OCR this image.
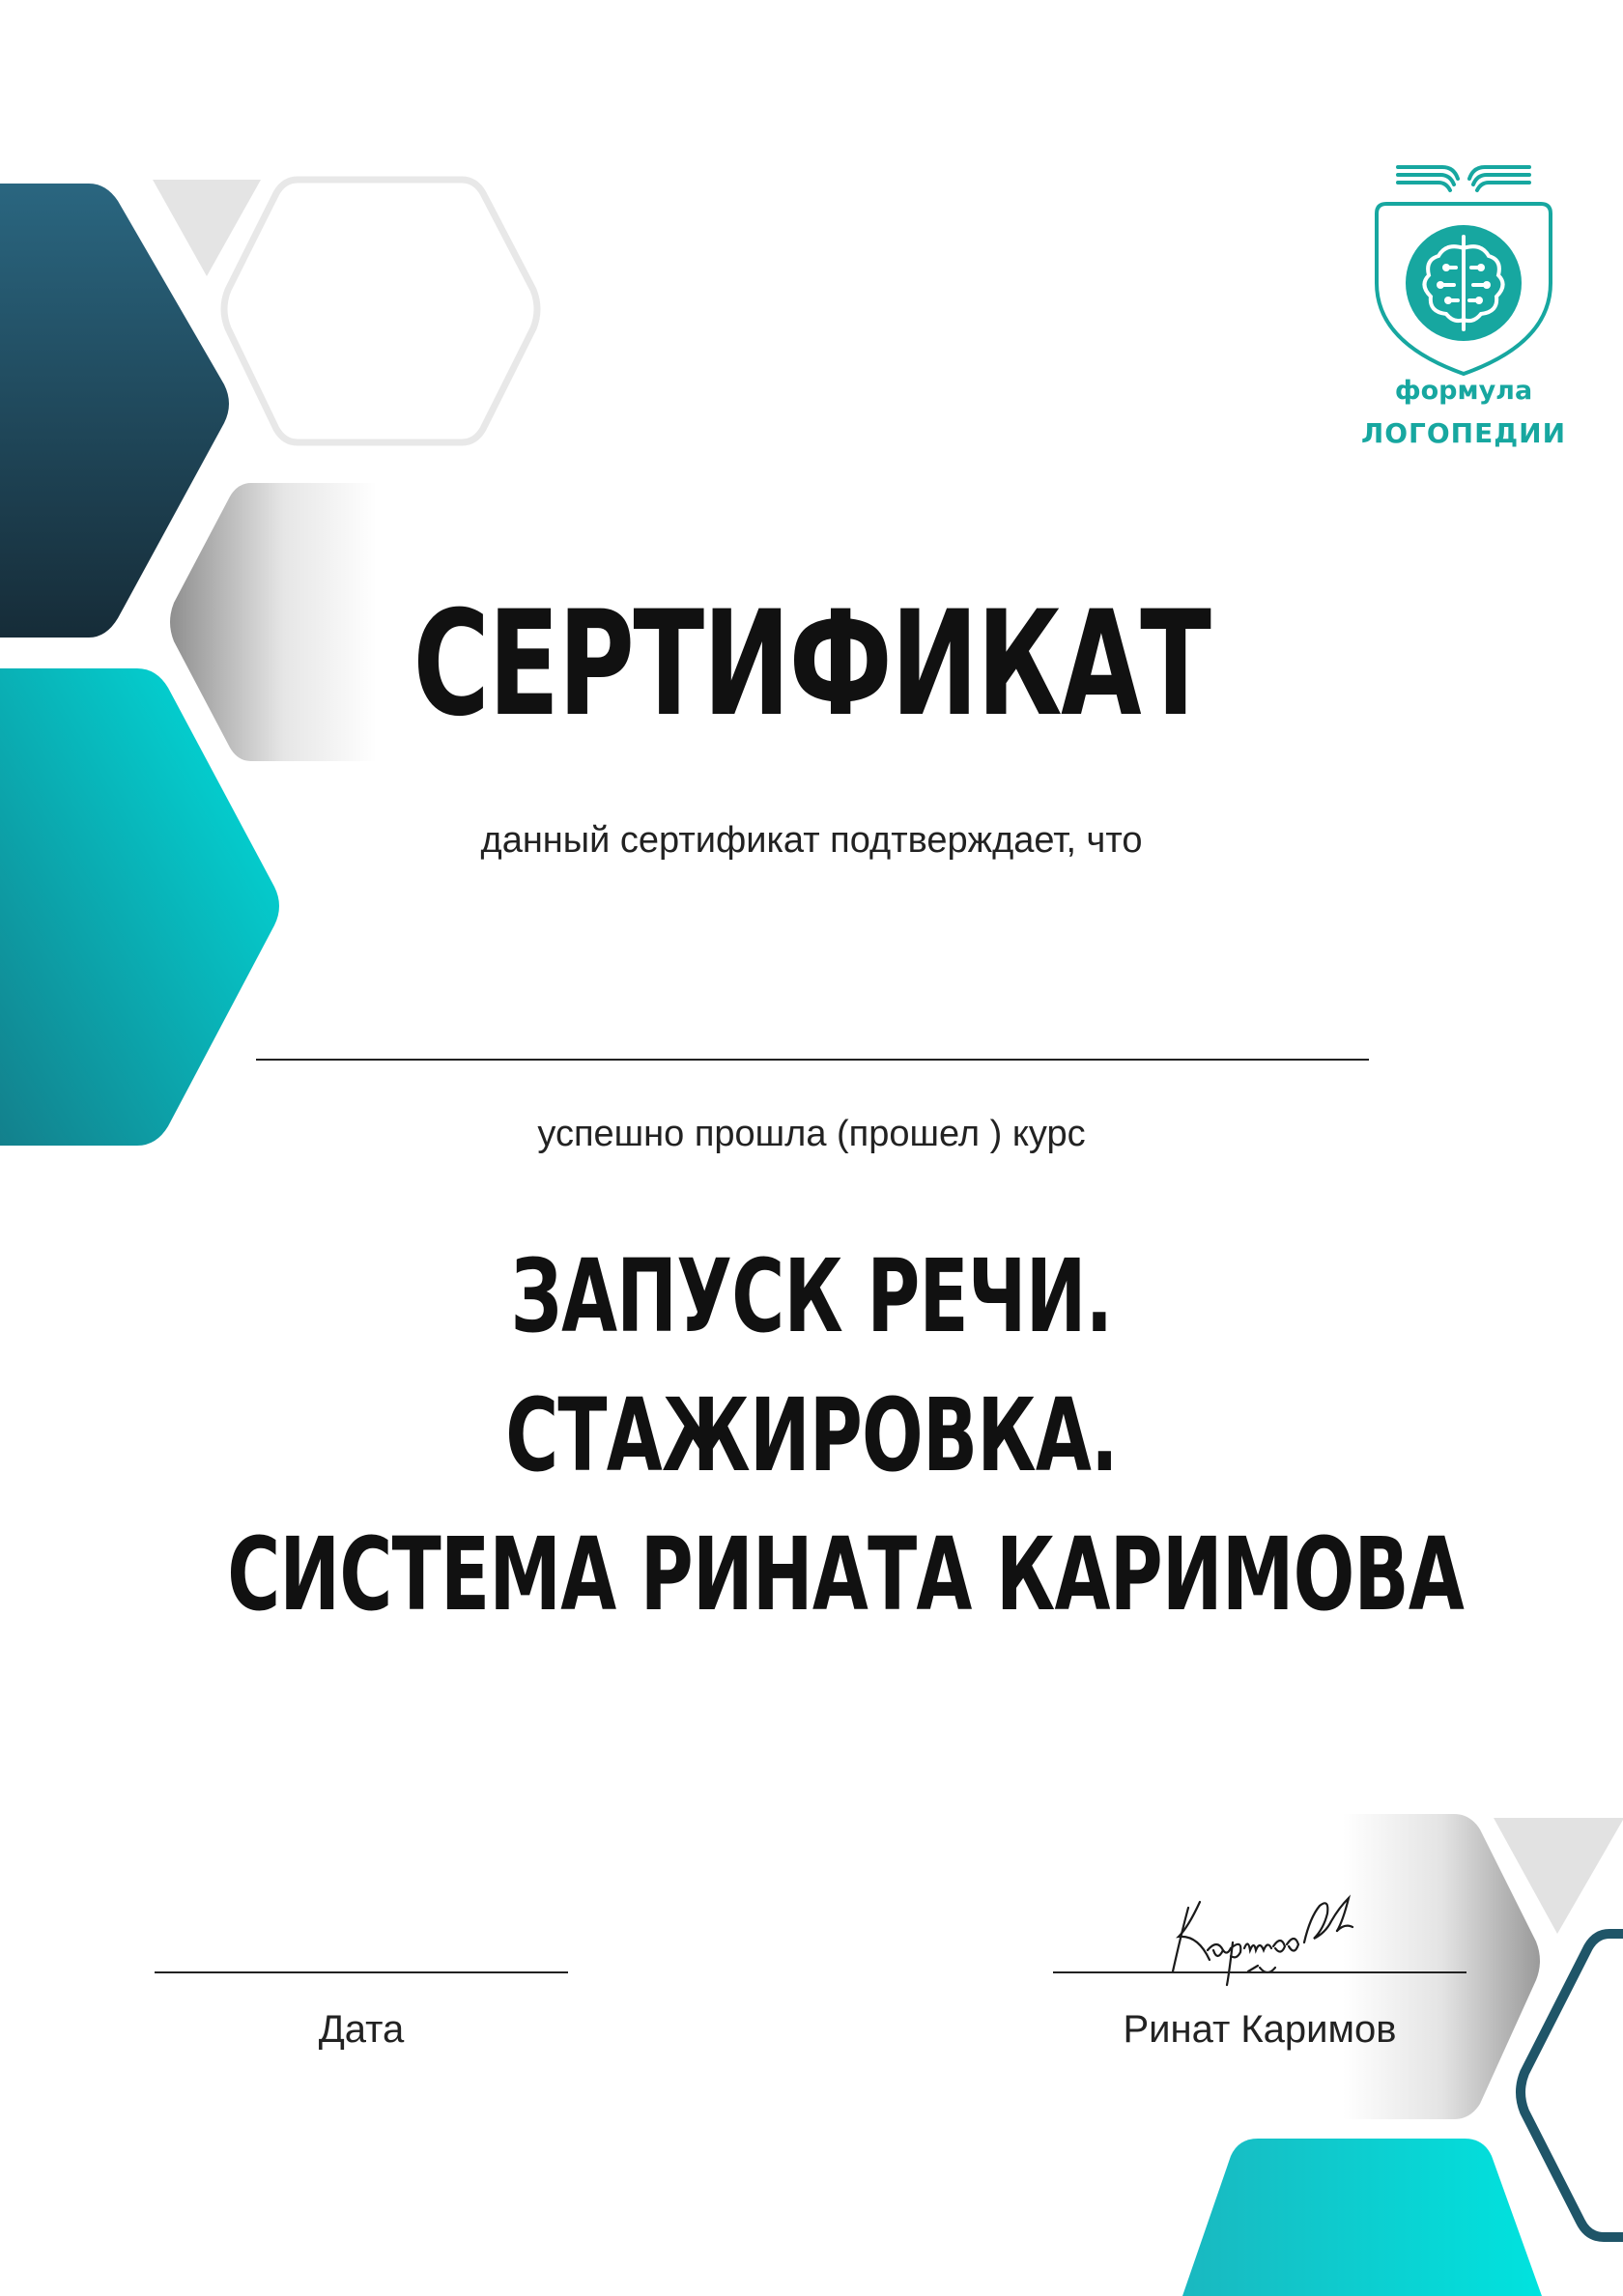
формула
ЛОГОПЕДИИ
СЕРТИФИКАТ
данный сертификат подтверждает, что
успешно прошла (прошел ) курс
ЗАПУСК РЕЧИ.
СТАЖИРОВКА.
СИСТЕМА РИНАТА КАРИМОВА
Дата	Ринат Каримов
